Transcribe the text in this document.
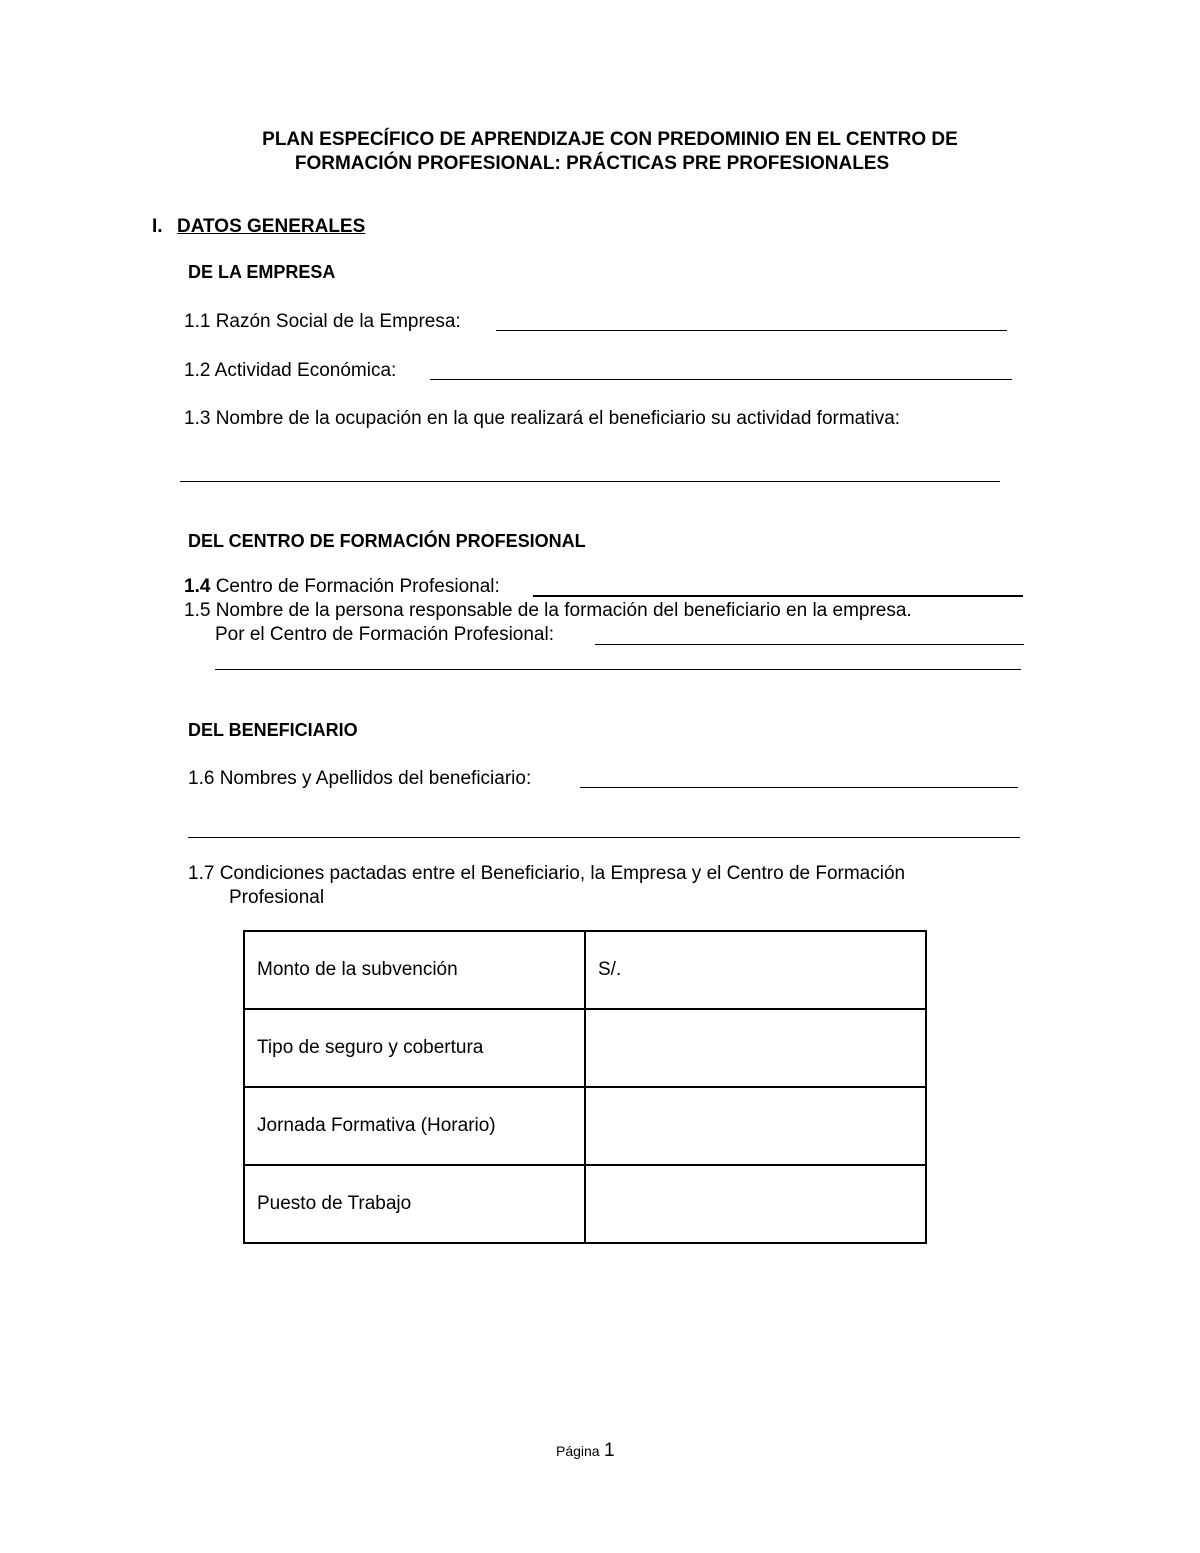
PLAN ESPECÍFICO DE APRENDIZAJE CON PREDOMINIO EN EL CENTRO DE
FORMACIÓN PROFESIONAL: PRÁCTICAS PRE PROFESIONALES
I. DATOS GENERALES
DE LA EMPRESA
1.1 Razón Social de la Empresa:
1.2 Actividad Económica:
1.3 Nombre de la ocupación en la que realizará el beneficiario su actividad formativa:
DEL CENTRO DE FORMACIÓN PROFESIONAL
1.4 Centro de Formación Profesional:
1.5 Nombre de la persona responsable de la formación del beneficiario en la empresa.
Por el Centro de Formación Profesional:
DEL BENEFICIARIO
1.6 Nombres y Apellidos del beneficiario:
1.7 Condiciones pactadas entre el Beneficiario, la Empresa y el Centro de Formación
Profesional
Monto de la subvención	S/.
Tipo de seguro y cobertura	
Jornada Formativa (Horario)	
Puesto de Trabajo	
Página 1
